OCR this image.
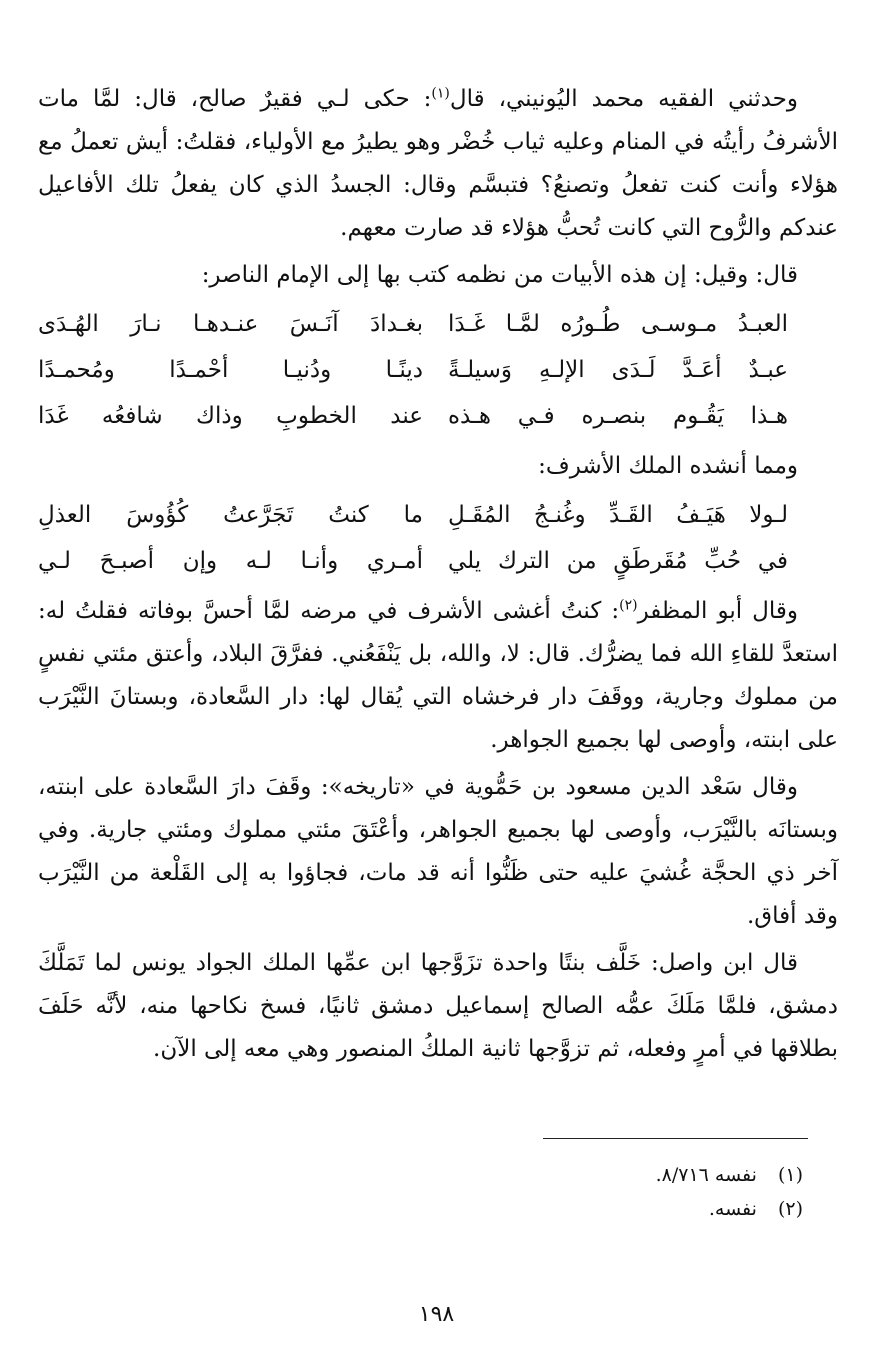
وحدثني الفقيه محمد اليُونيني، قال$^{(١)}$: حكى لـي فقيرٌ صالح، قال: لمَّا مات الأشرفُ رأيتُه في المنام وعليه ثياب خُضْر وهو يطيرُ مع الأولياء، فقلتُ: أيش تعملُ مع هؤلاء وأنت كنت تفعلُ وتصنعُ؟ فتبسَّم وقال: الجسدُ الذي كان يفعلُ تلك الأفاعيل عندكم والرُّوح التي كانت تُحبُّ هؤلاء قد صارت معهم.

قال: وقيل: إن هذه الأبيات من نظمه كتب بها إلى الإمام الناصر:

العبـدُ مـوسـى طُـورُه لمَّـا غَـدَا
بغـدادَ آنَـسَ عنـدهـا نـارَ الهُـدَى
عبـدٌ أعَـدَّ لَـدَى الإلـهِ وَسيلـةً
دينًـا ودُنيـا أحْمـدًا ومُحمـدًا
هـذا يَقُـوم بنصـره فـي هـذه
عند الخطوبِ وذاك شافعُه غَدَا

ومما أنشده الملك الأشرف:

لـولا هَيَـفُ القَـدِّ وغُنـجُ المُقَـلِ
ما كنتُ تَجَرَّعتُ كُؤُوسَ العذلِ
في حُبِّ مُقَرطَقٍ من الترك يلي
أمـري وأنـا لـه وإن أصبـحَ لـي

وقال أبو المظفر$^{(٢)}$: كنتُ أغشى الأشرف في مرضه لمَّا أحسَّ بوفاته فقلتُ له: استعدَّ للقاءِ الله فما يضرُّك. قال: لا، والله، بل يَنْفَعُني. ففرَّقَ البلاد، وأعتق مئتي نفسٍ من مملوك وجارية، ووقَفَ دار فرخشاه التي يُقال لها: دار السَّعادة، وبستانَ النَّيْرَب على ابنته، وأوصى لها بجميع الجواهر.

وقال سَعْد الدين مسعود بن حَمُّوية في «تاريخه»: وقَفَ دارَ السَّعادة على ابنته، وبستانَه بالنَّيْرَب، وأوصى لها بجميع الجواهر، وأعْتَقَ مئتي مملوك ومئتي جارية. وفي آخر ذي الحجَّة غُشيَ عليه حتى ظَنُّوا أنه قد مات، فجاؤوا به إلى القَلْعة من النَّيْرَب وقد أفاق.

قال ابن واصل: خَلَّف بنتًا واحدة تزَوَّجها ابن عمِّها الملك الجواد يونس لما تَمَلَّكَ دمشق، فلمَّا مَلَكَ عمُّه الصالح إسماعيل دمشق ثانيًا، فسخ نكاحها منه، لأنَّه حَلَفَ بطلاقها في أمرٍ وفعله، ثم تزوَّجها ثانية الملكُ المنصور وهي معه إلى الآن.

(١) نفسه ٨/٧١٦.

(٢) نفسه.

١٩٨
